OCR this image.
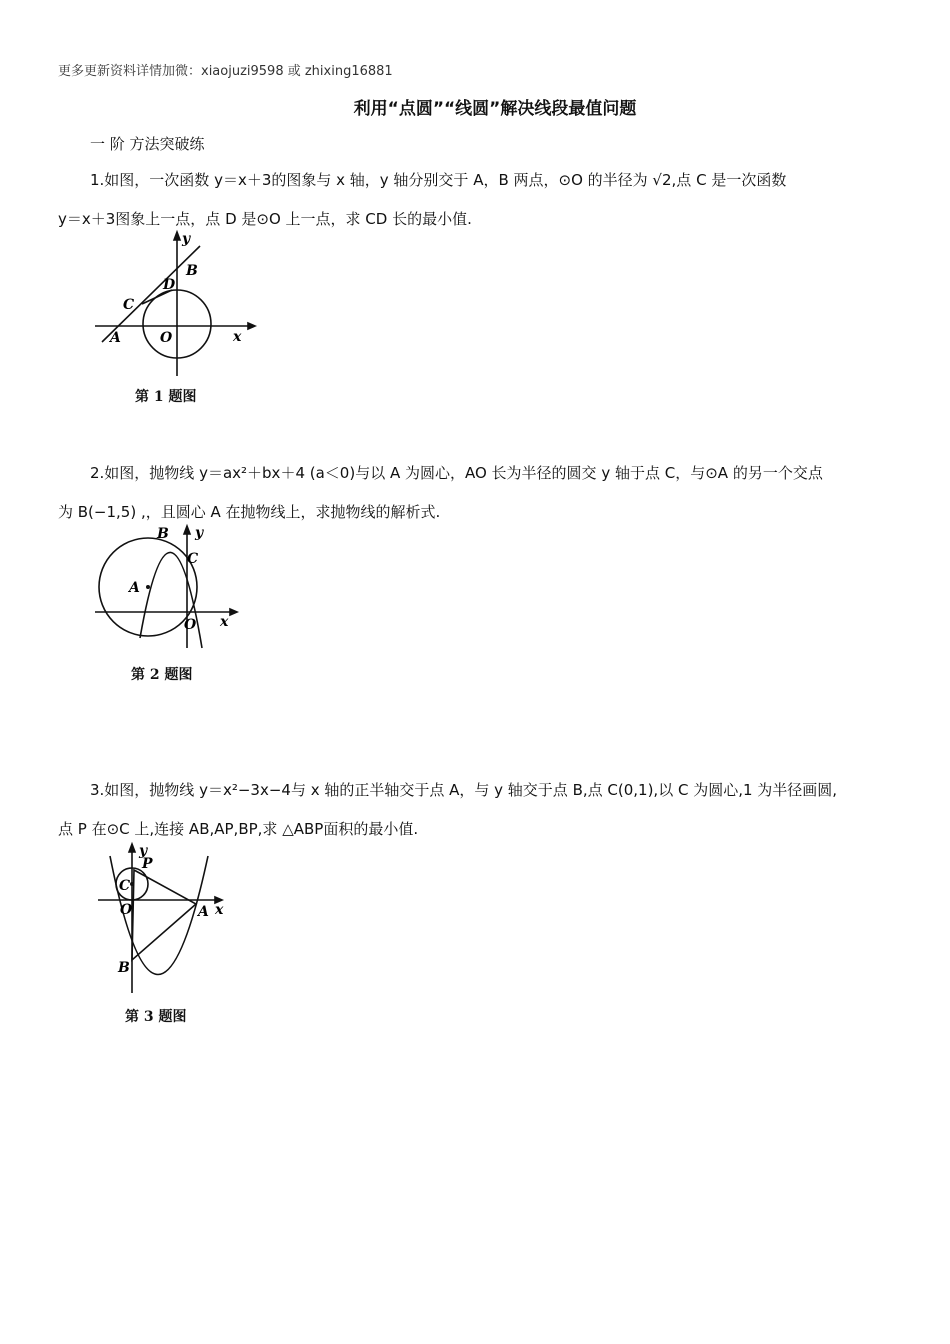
更多更新资料详情加微：xiaojuzi9598 或 zhixing16881
利用“点圆”“线圆”解决线段最值问题
一 阶 方法突破练
1.如图，一次函数 y＝x＋3的图象与 x 轴，y 轴分别交于 A，B 两点，⊙O 的半径为 √2,点 C 是一次函数
y＝x＋3图象上一点，点 D 是⊙O 上一点，求 CD 长的最小值.
A
C
D
B
O
y
x
第 1 题图
2.如图，抛物线 y＝ax²＋bx＋4 (a＜0)与以 A 为圆心，AO 长为半径的圆交 y 轴于点 C，与⊙A 的另一个交点
为 B(−1,5) ,，且圆心 A 在抛物线上，求抛物线的解析式.
B y
C
A
O x
第 2 题图
3.如图，抛物线 y＝x²−3x−4与 x 轴的正半轴交于点 A，与 y 轴交于点 B,点 C(0,1),以 C 为圆心,1 为半径画圆,
点 P 在⊙C 上,连接 AB,AP,BP,求 △ABP面积的最小值.
y
P
C
O	A x
B
第 3 题图
